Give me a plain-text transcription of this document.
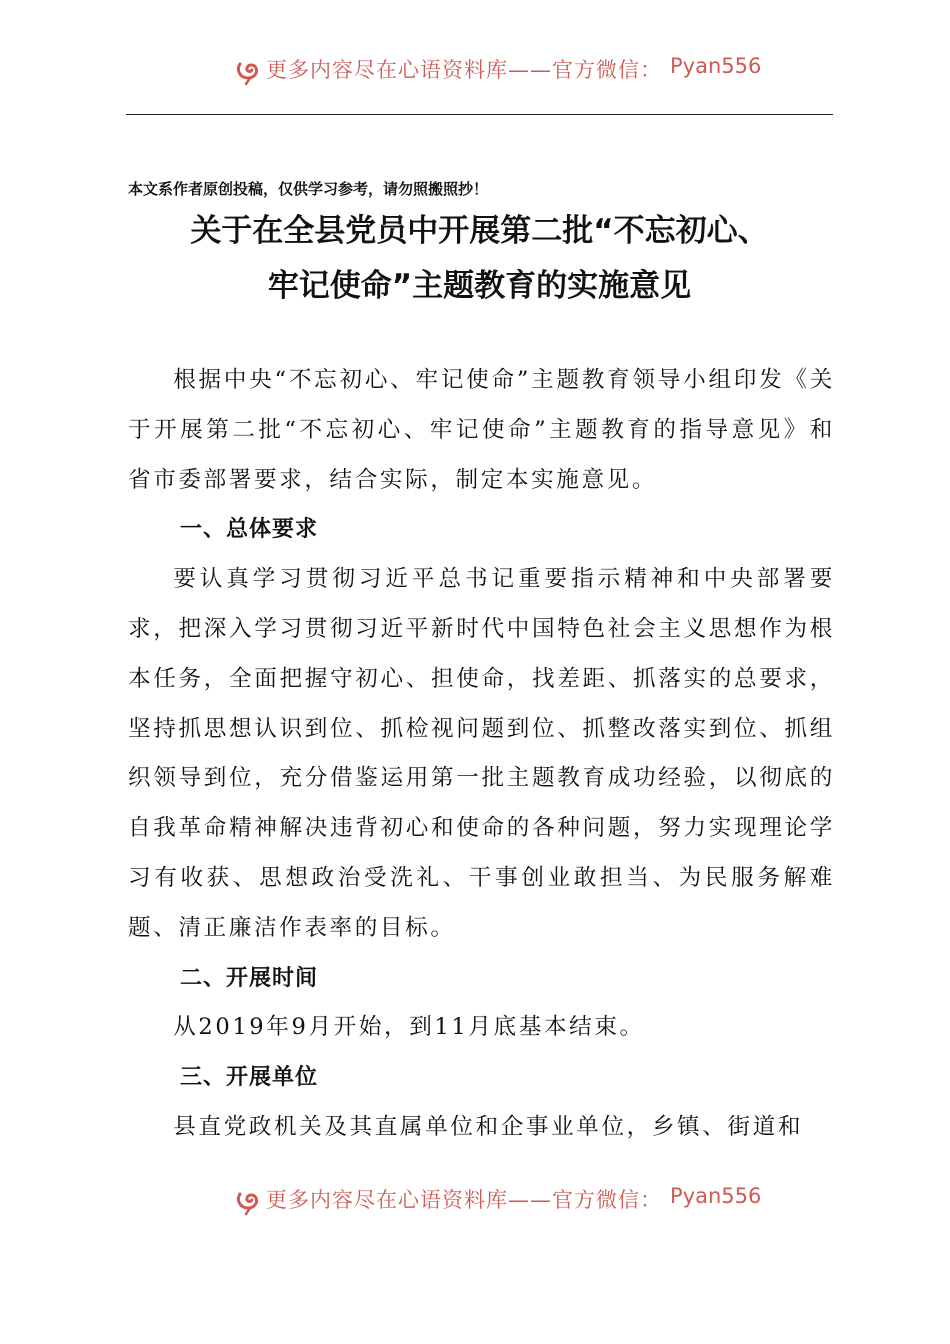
更多内容尽在心语资料库——官方微信： Pyan556
本文系作者原创投稿，仅供学习参考，请勿照搬照抄！
关于在全县党员中开展第二批“不忘初心、
牢记使命”主题教育的实施意见

根据中央“不忘初心、牢记使命”主题教育领导小组印发《关于开展第二批“不忘初心、牢记使命”主题教育的指导意见》和省市委部署要求，结合实际，制定本实施意见。

一、总体要求

要认真学习贯彻习近平总书记重要指示精神和中央部署要求，把深入学习贯彻习近平新时代中国特色社会主义思想作为根本任务，全面把握守初心、担使命，找差距、抓落实的总要求，坚持抓思想认识到位、抓检视问题到位、抓整改落实到位、抓组织领导到位，充分借鉴运用第一批主题教育成功经验，以彻底的自我革命精神解决违背初心和使命的各种问题，努力实现理论学习有收获、思想政治受洗礼、干事创业敢担当、为民服务解难题、清正廉洁作表率的目标。

二、开展时间

从2019年9月开始，到11月底基本结束。

三、开展单位

县直党政机关及其直属单位和企事业单位，乡镇、街道和

更多内容尽在心语资料库——官方微信： Pyan556
